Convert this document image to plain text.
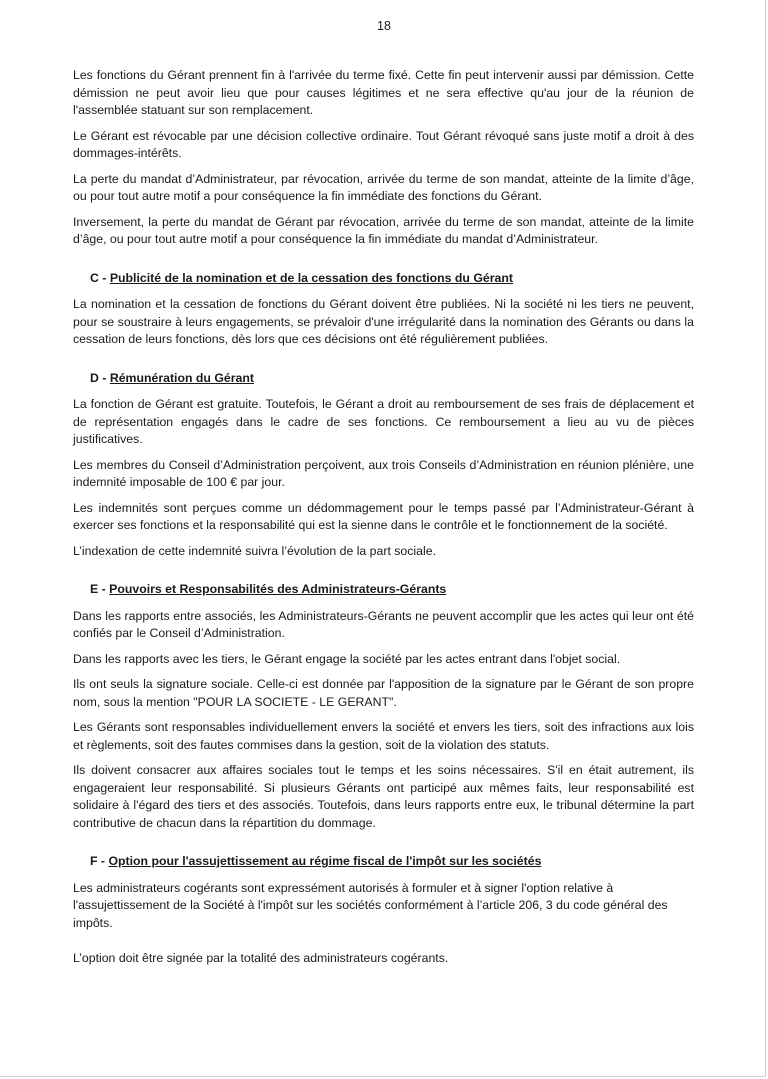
18

Les fonctions du Gérant prennent fin à l'arrivée du terme fixé. Cette fin peut intervenir aussi par démission. Cette démission ne peut avoir lieu que pour causes légitimes et ne sera effective qu'au jour de la réunion de l'assemblée statuant sur son remplacement.

Le Gérant est révocable par une décision collective ordinaire. Tout Gérant révoqué sans juste motif a droit à des dommages-intérêts.

La perte du mandat d’Administrateur, par révocation, arrivée du terme de son mandat, atteinte de la limite d’âge, ou pour tout autre motif a pour conséquence la fin immédiate des fonctions du Gérant.

Inversement, la perte du mandat de Gérant par révocation, arrivée du terme de son mandat, atteinte de la limite d’âge, ou pour tout autre motif a pour conséquence la fin immédiate du mandat d’Administrateur.

C - Publicité de la nomination et de la cessation des fonctions du Gérant

La nomination et la cessation de fonctions du Gérant doivent être publiées. Ni la société ni les tiers ne peuvent, pour se soustraire à leurs engagements, se prévaloir d'une irrégularité dans la nomination des Gérants ou dans la cessation de leurs fonctions, dès lors que ces décisions ont été régulièrement publiées.

D - Rémunération du Gérant

La fonction de Gérant est gratuite. Toutefois, le Gérant a droit au remboursement de ses frais de déplacement et de représentation engagés dans le cadre de ses fonctions. Ce remboursement a lieu au vu de pièces justificatives.

Les membres du Conseil d’Administration perçoivent, aux trois Conseils d’Administration en réunion plénière, une indemnité imposable de 100 € par jour.

Les indemnités sont perçues comme un dédommagement pour le temps passé par l’Administrateur-Gérant à exercer ses fonctions et la responsabilité qui est la sienne dans le contrôle et le fonctionnement de la société.

L’indexation de cette indemnité suivra l’évolution de la part sociale.

E - Pouvoirs et Responsabilités des Administrateurs-Gérants

Dans les rapports entre associés, les Administrateurs-Gérants ne peuvent accomplir que les actes qui leur ont été confiés par le Conseil d’Administration.

Dans les rapports avec les tiers, le Gérant engage la société par les actes entrant dans l'objet social.

Ils ont seuls la signature sociale. Celle-ci est donnée par l'apposition de la signature par le Gérant de son propre nom, sous la mention "POUR LA SOCIETE - LE GERANT".

Les Gérants sont responsables individuellement envers la société et envers les tiers, soit des infractions aux lois et règlements, soit des fautes commises dans la gestion, soit de la violation des statuts.

Ils doivent consacrer aux affaires sociales tout le temps et les soins nécessaires. S'il en était autrement, ils engageraient leur responsabilité. Si plusieurs Gérants ont participé aux mêmes faits, leur responsabilité est solidaire à l'égard des tiers et des associés. Toutefois, dans leurs rapports entre eux, le tribunal détermine la part contributive de chacun dans la répartition du dommage.

F - Option pour l'assujettissement au régime fiscal de l'impôt sur les sociétés

Les administrateurs cogérants sont expressément autorisés à formuler et à signer l'option relative à l'assujettissement de la Société à l'impôt sur les sociétés conformément à l’article 206, 3 du code général des impôts.

L’option doit être signée par la totalité des administrateurs cogérants.
